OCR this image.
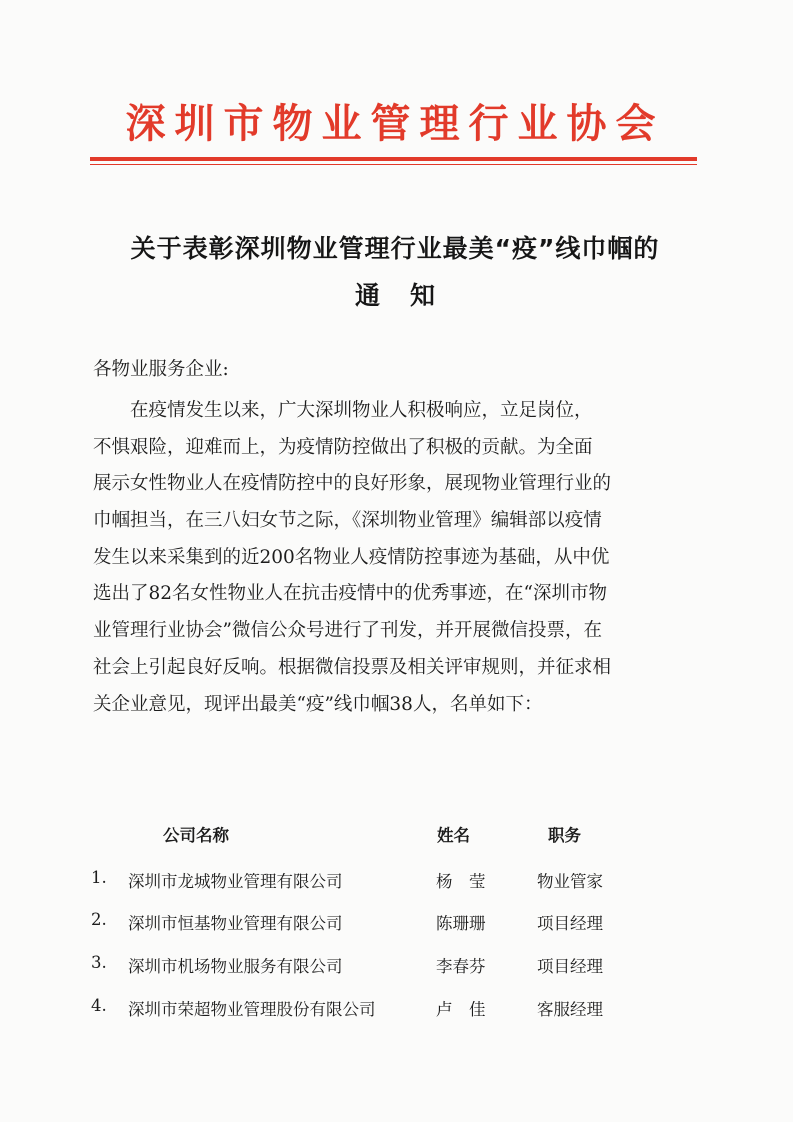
深圳市物业管理行业协会
关于表彰深圳物业管理行业最美“疫”线巾帼的
通知
各物业服务企业:
在疫情发生以来，广大深圳物业人积极响应，立足岗位，
不惧艰险，迎难而上，为疫情防控做出了积极的贡献。为全面
展示女性物业人在疫情防控中的良好形象，展现物业管理行业的
巾帼担当，在三八妇女节之际，《深圳物业管理》编辑部以疫情
发生以来采集到的近200名物业人疫情防控事迹为基础，从中优
选出了82名女性物业人在抗击疫情中的优秀事迹，在“深圳市物
业管理行业协会”微信公众号进行了刊发，并开展微信投票，在
社会上引起良好反响。根据微信投票及相关评审规则，并征求相
关企业意见，现评出最美“疫”线巾帼38人，名单如下：
公司名称	姓名	职务
1. 深圳市龙城物业管理有限公司	杨　莹	物业管家
2. 深圳市恒基物业管理有限公司	陈珊珊	项目经理
3. 深圳市机场物业服务有限公司	李春芬	项目经理
4. 深圳市荣超物业管理股份有限公司	卢　佳	客服经理
